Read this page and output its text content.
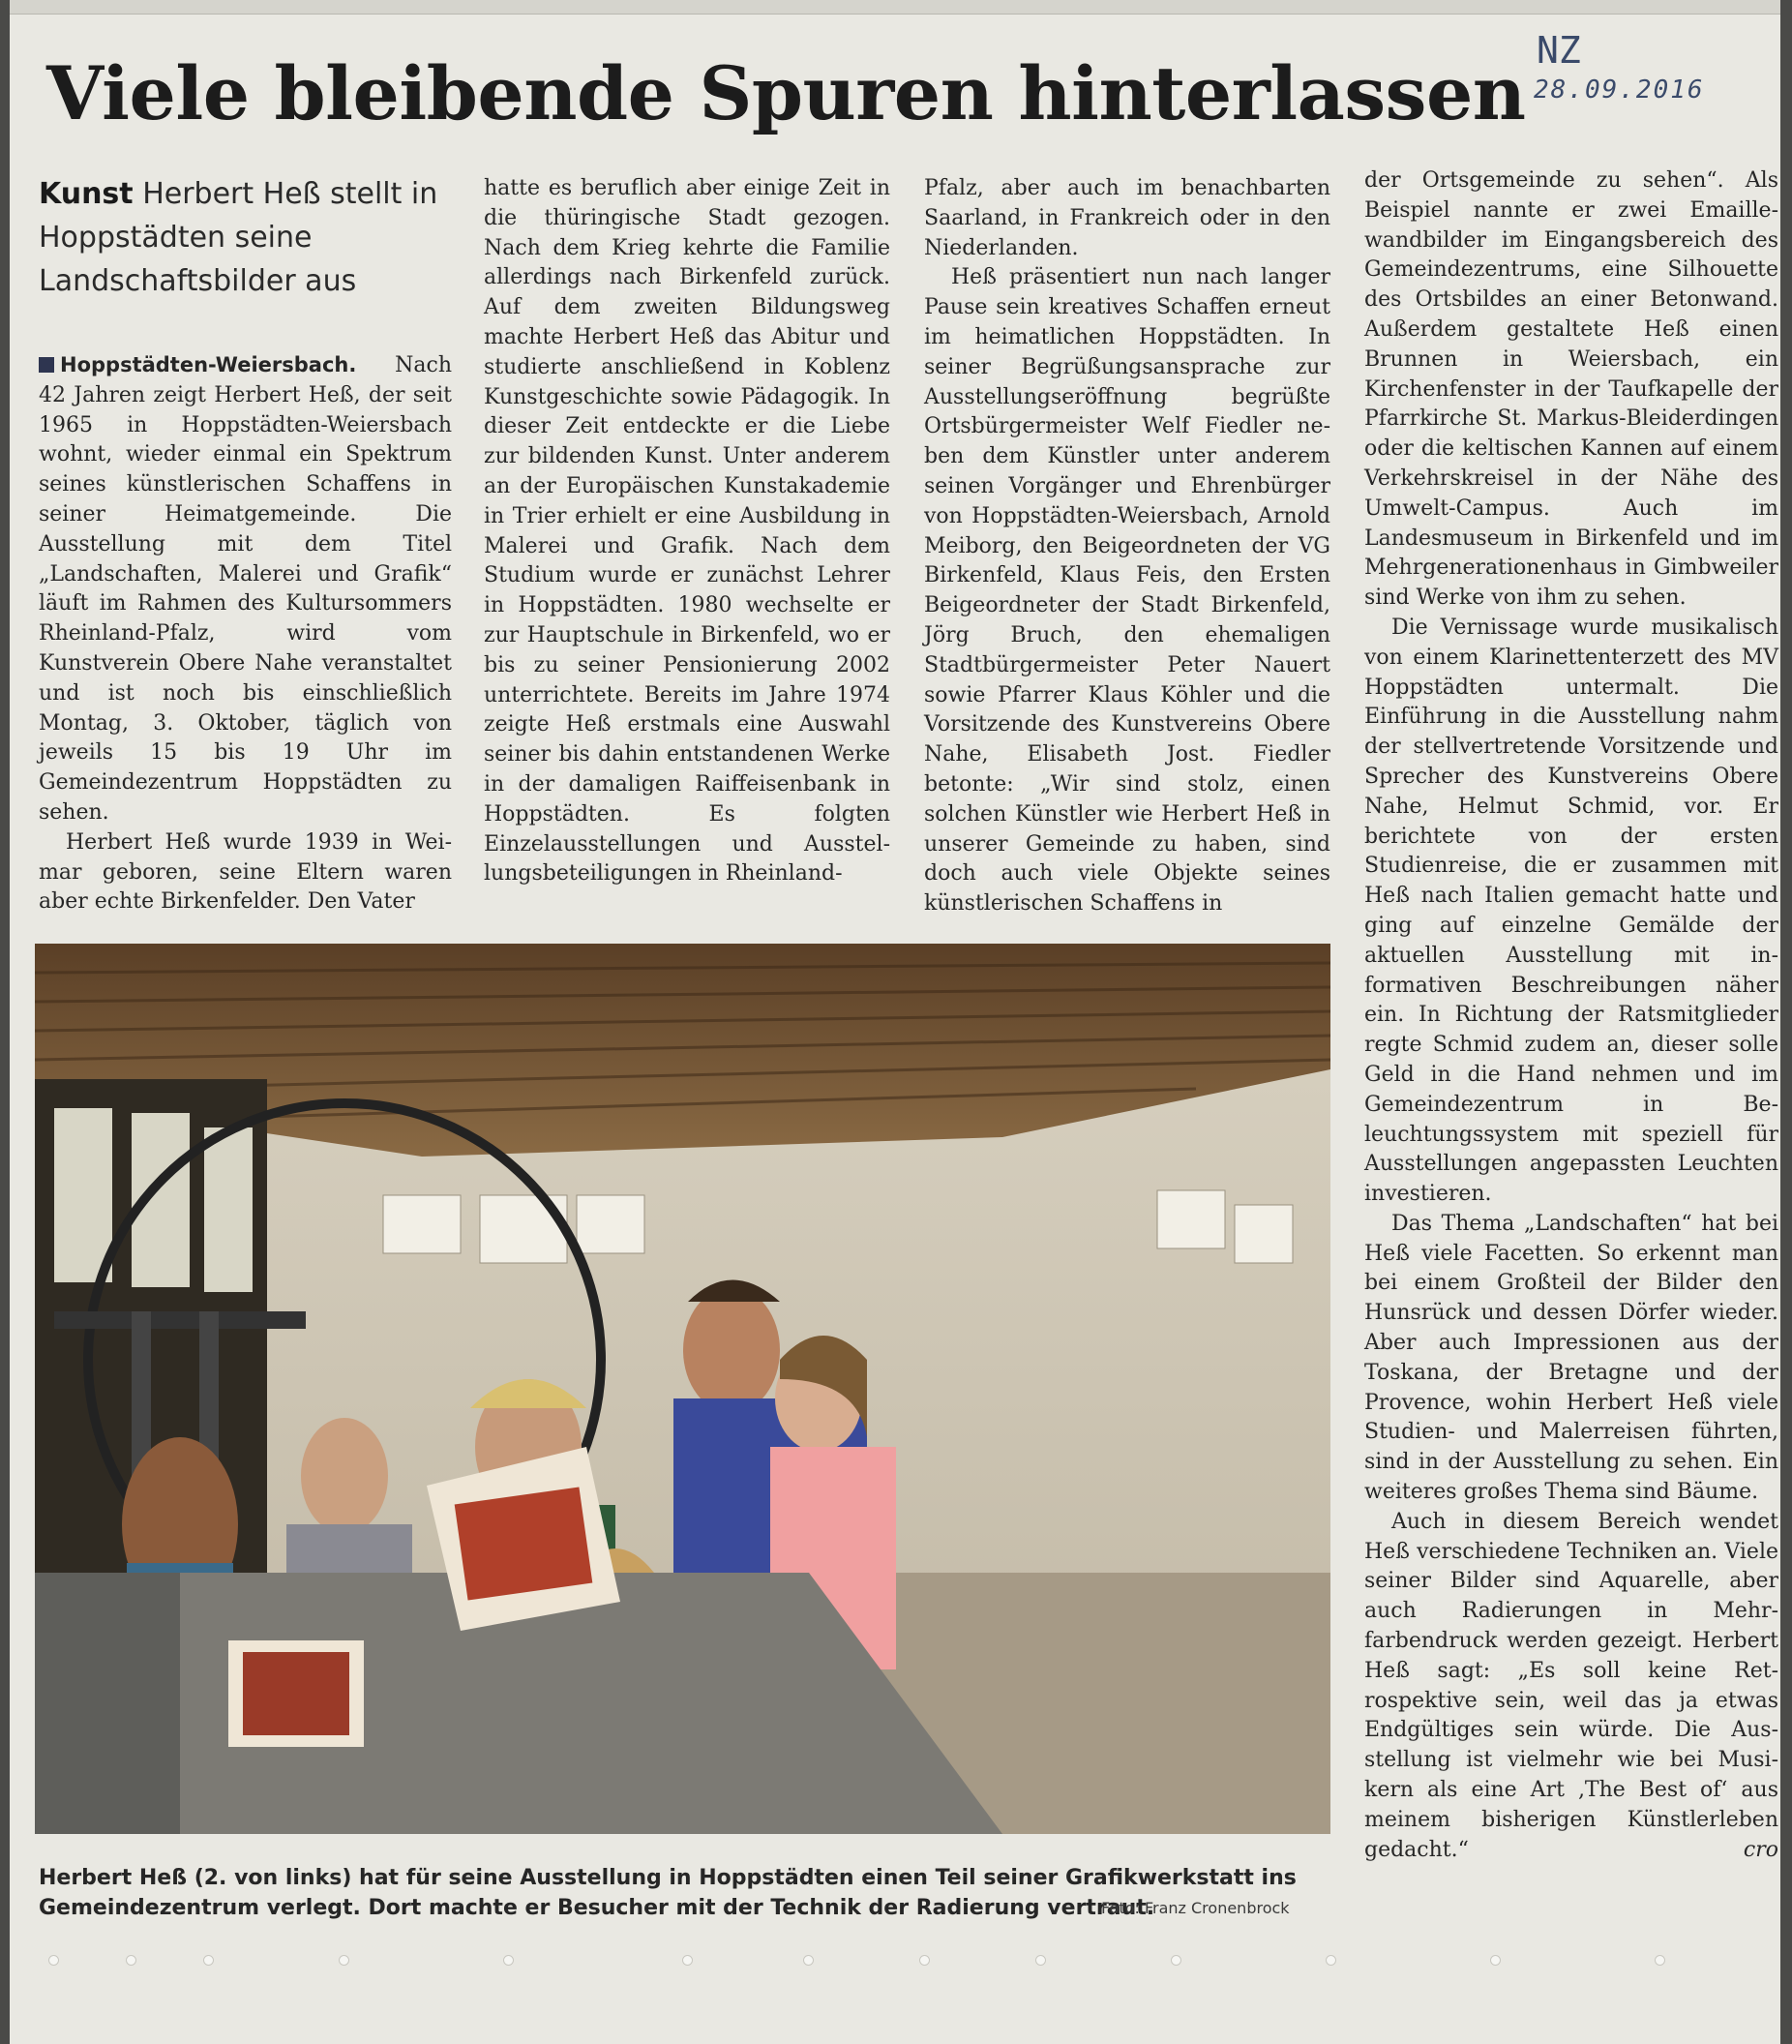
Viele bleibende Spuren hinterlassen NZ
28.09.2016
Kunst Herbert Heß stellt in Hoppstädten seine Landschaftsbilder aus

Hoppstädten-Weiersbach. Nach 42 Jahren zeigt Herbert Heß, der seit 1965 in Hoppstädten-Weiersbach wohnt, wieder einmal ein Spektrum seines künstlerischen Schaffens in seiner Heimatgemeinde. Die Ausstellung mit dem Titel „Landschaften, Malerei und Grafik“ läuft im Rahmen des Kultursommers Rheinland-Pfalz, wird vom Kunstverein Obere Nahe veranstaltet und ist noch bis einschließlich Montag, 3. Oktober, täglich von jeweils 15 bis 19 Uhr im Gemeindezentrum Hoppstädten zu sehen.

Herbert Heß wurde 1939 in Weimar geboren, seine Eltern waren aber echte Birkenfelder. Den Vater

hatte es beruflich aber einige Zeit in die thüringische Stadt gezogen. Nach dem Krieg kehrte die Familie allerdings nach Birkenfeld zurück. Auf dem zweiten Bildungsweg machte Herbert Heß das Abitur und studierte anschließend in Koblenz Kunstgeschichte sowie Pädagogik. In dieser Zeit entdeckte er die Liebe zur bildenden Kunst. Unter anderem an der Europäischen Kunstakademie in Trier erhielt er eine Ausbildung in Malerei und Grafik. Nach dem Studium wurde er zunächst Lehrer in Hoppstädten. 1980 wechselte er zur Hauptschule in Birkenfeld, wo er bis zu seiner Pensionierung 2002 unterrichtete. Bereits im Jahre 1974 zeigte Heß erstmals eine Auswahl seiner bis dahin entstandenen Werke in der damaligen Raiffeisenbank in Hoppstädten. Es folgten Einzelausstellungen und Ausstellungsbeteiligungen in Rheinland-

Pfalz, aber auch im benachbarten Saarland, in Frankreich oder in den Niederlanden.

Heß präsentiert nun nach langer Pause sein kreatives Schaffen erneut im heimatlichen Hoppstädten. In seiner Begrüßungsansprache zur Ausstellungseröffnung begrüßte Ortsbürgermeister Welf Fiedler neben dem Künstler unter anderem seinen Vorgänger und Ehrenbürger von Hoppstädten-Weiersbach, Arnold Meiborg, den Beigeordneten der VG Birkenfeld, Klaus Feis, den Ersten Beigeordneter der Stadt Birkenfeld, Jörg Bruch, den ehemaligen Stadtbürgermeister Peter Nauert sowie Pfarrer Klaus Köhler und die Vorsitzende des Kunstvereins Obere Nahe, Elisabeth Jost. Fiedler betonte: „Wir sind stolz, einen solchen Künstler wie Herbert Heß in unserer Gemeinde zu haben, sind doch auch viele Objekte seines künstlerischen Schaffens in

der Ortsgemeinde zu sehen“. Als Beispiel nannte er zwei Emaillewandbilder im Eingangsbereich des Gemeindezentrums, eine Silhouette des Ortsbildes an einer Betonwand. Außerdem gestaltete Heß einen Brunnen in Weiersbach, ein Kirchenfenster in der Taufkapelle der Pfarrkirche St. Markus-Bleiderdingen oder die keltischen Kannen auf einem Verkehrskreisel in der Nähe des Umwelt-Campus. Auch im Landesmuseum in Birkenfeld und im Mehrgenerationenhaus in Gimbweiler sind Werke von ihm zu sehen.

Die Vernissage wurde musikalisch von einem Klarinettenterzett des MV Hoppstädten untermalt. Die Einführung in die Ausstellung nahm der stellvertretende Vorsitzende und Sprecher des Kunstvereins Obere Nahe, Helmut Schmid, vor. Er berichtete von der ersten Studienreise, die er zusammen mit Heß nach Italien gemacht hatte und ging auf einzelne Gemälde der aktuellen Ausstellung mit informativen Beschreibungen näher ein. In Richtung der Ratsmitglieder regte Schmid zudem an, dieser solle Geld in die Hand nehmen und im Gemeindezentrum in Beleuchtungssystem mit speziell für Ausstellungen angepassten Leuchten investieren.

Das Thema „Landschaften“ hat bei Heß viele Facetten. So erkennt man bei einem Großteil der Bilder den Hunsrück und dessen Dörfer wieder. Aber auch Impressionen aus der Toskana, der Bretagne und der Provence, wohin Herbert Heß viele Studien- und Malerreisen führten, sind in der Ausstellung zu sehen. Ein weiteres großes Thema sind Bäume.

Auch in diesem Bereich wendet Heß verschiedene Techniken an. Viele seiner Bilder sind Aquarelle, aber auch Radierungen in Mehrfarbendruck werden gezeigt. Herbert Heß sagt: „Es soll keine Retrospektive sein, weil das ja etwas Endgültiges sein würde. Die Ausstellung ist vielmehr wie bei Musikern als eine Art ‚The Best of‘ aus meinem bisherigen Künstlerleben gedacht.“	cro
Herbert Heß (2. von links) hat für seine Ausstellung in Hoppstädten einen Teil seiner Grafikwerkstatt ins Gemeindezentrum verlegt. Dort machte er Besucher mit der Technik der Radierung vertraut.
Foto: Franz Cronenbrock
